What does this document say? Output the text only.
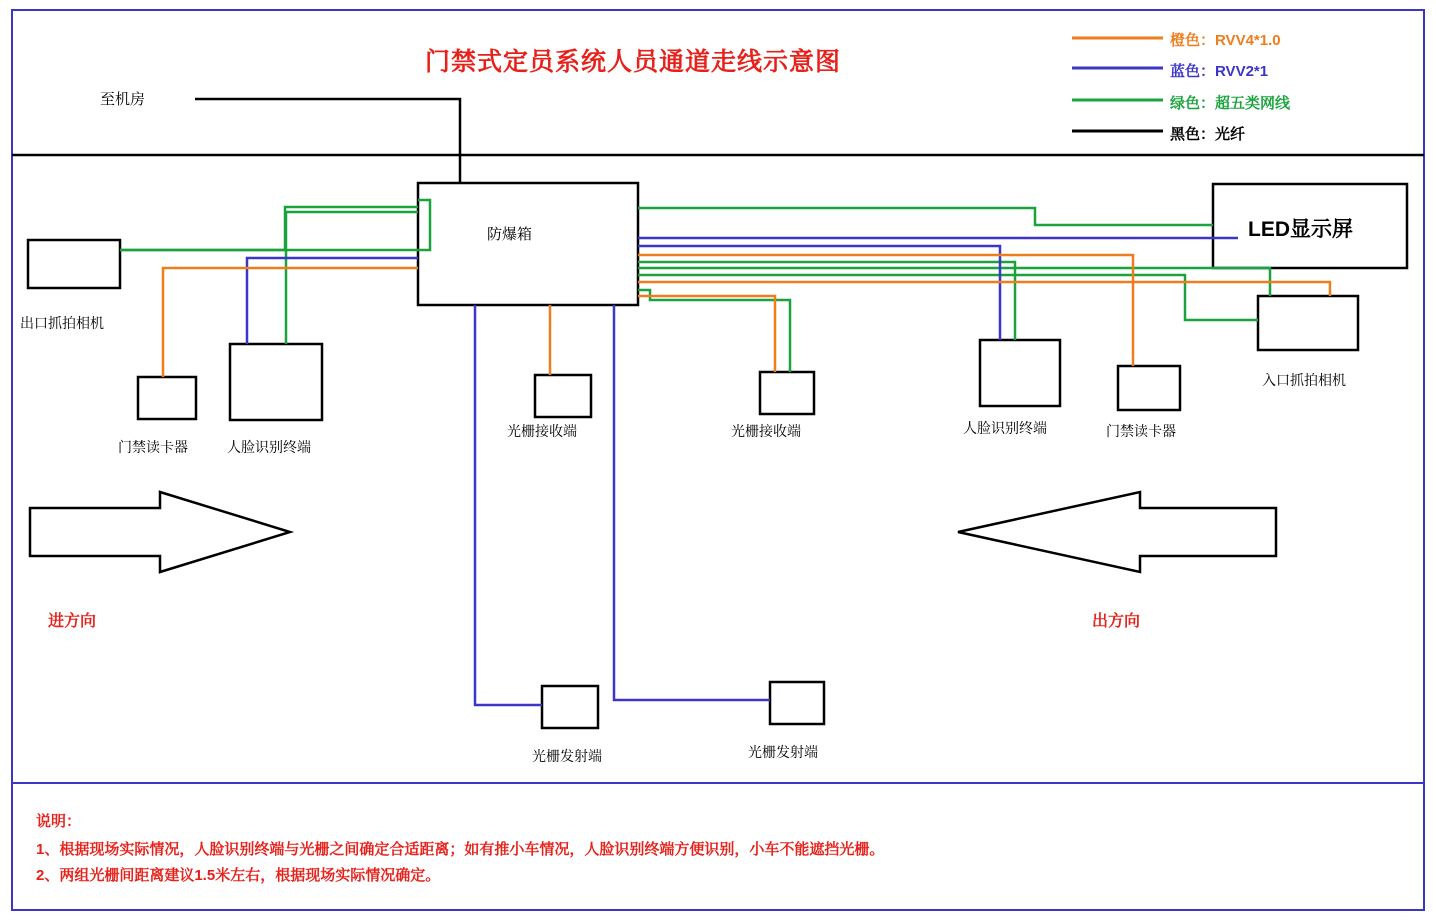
门禁式定员系统人员通道走线示意图
橙色：RVV4*1.0
蓝色：RVV2*1
绿色：超五类网线
黑色：光纤
至机房
防爆箱	LED显示屏
出口抓拍相机
入口抓拍相机
门禁读卡器	人脸识别终端
光栅接收端	光栅接收端	人脸识别终端	门禁读卡器
光栅发射端	光栅发射端
进方向	出方向
说明：
1、根据现场实际情况，人脸识别终端与光栅之间确定合适距离；如有推小车情况，人脸识别终端方便识别，小车不能遮挡光栅。
2、两组光栅间距离建议1.5米左右，根据现场实际情况确定。
